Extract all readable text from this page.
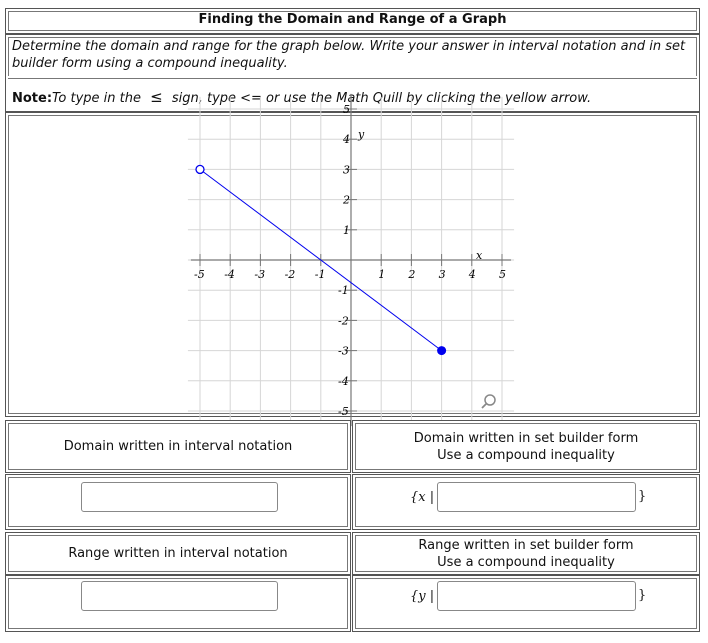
Finding the Domain and Range of a Graph
Determine the domain and range for the graph below. Write your answer in interval notation and in set builder form using a compound inequality.
Note:To type in the ≤ sign, type <= or use the Math Quill by clicking the yellow arrow.
-5 -4 -3 -2 -1	1 2 3 4 5
5
4
3
2
1
-1
-2
-3
-4
-5
x
y
Domain written in interval notation
Domain written in set builder form
Use a compound inequality
{x |	}
Range written in interval notation
Range written in set builder form
Use a compound inequality
{y |	}
